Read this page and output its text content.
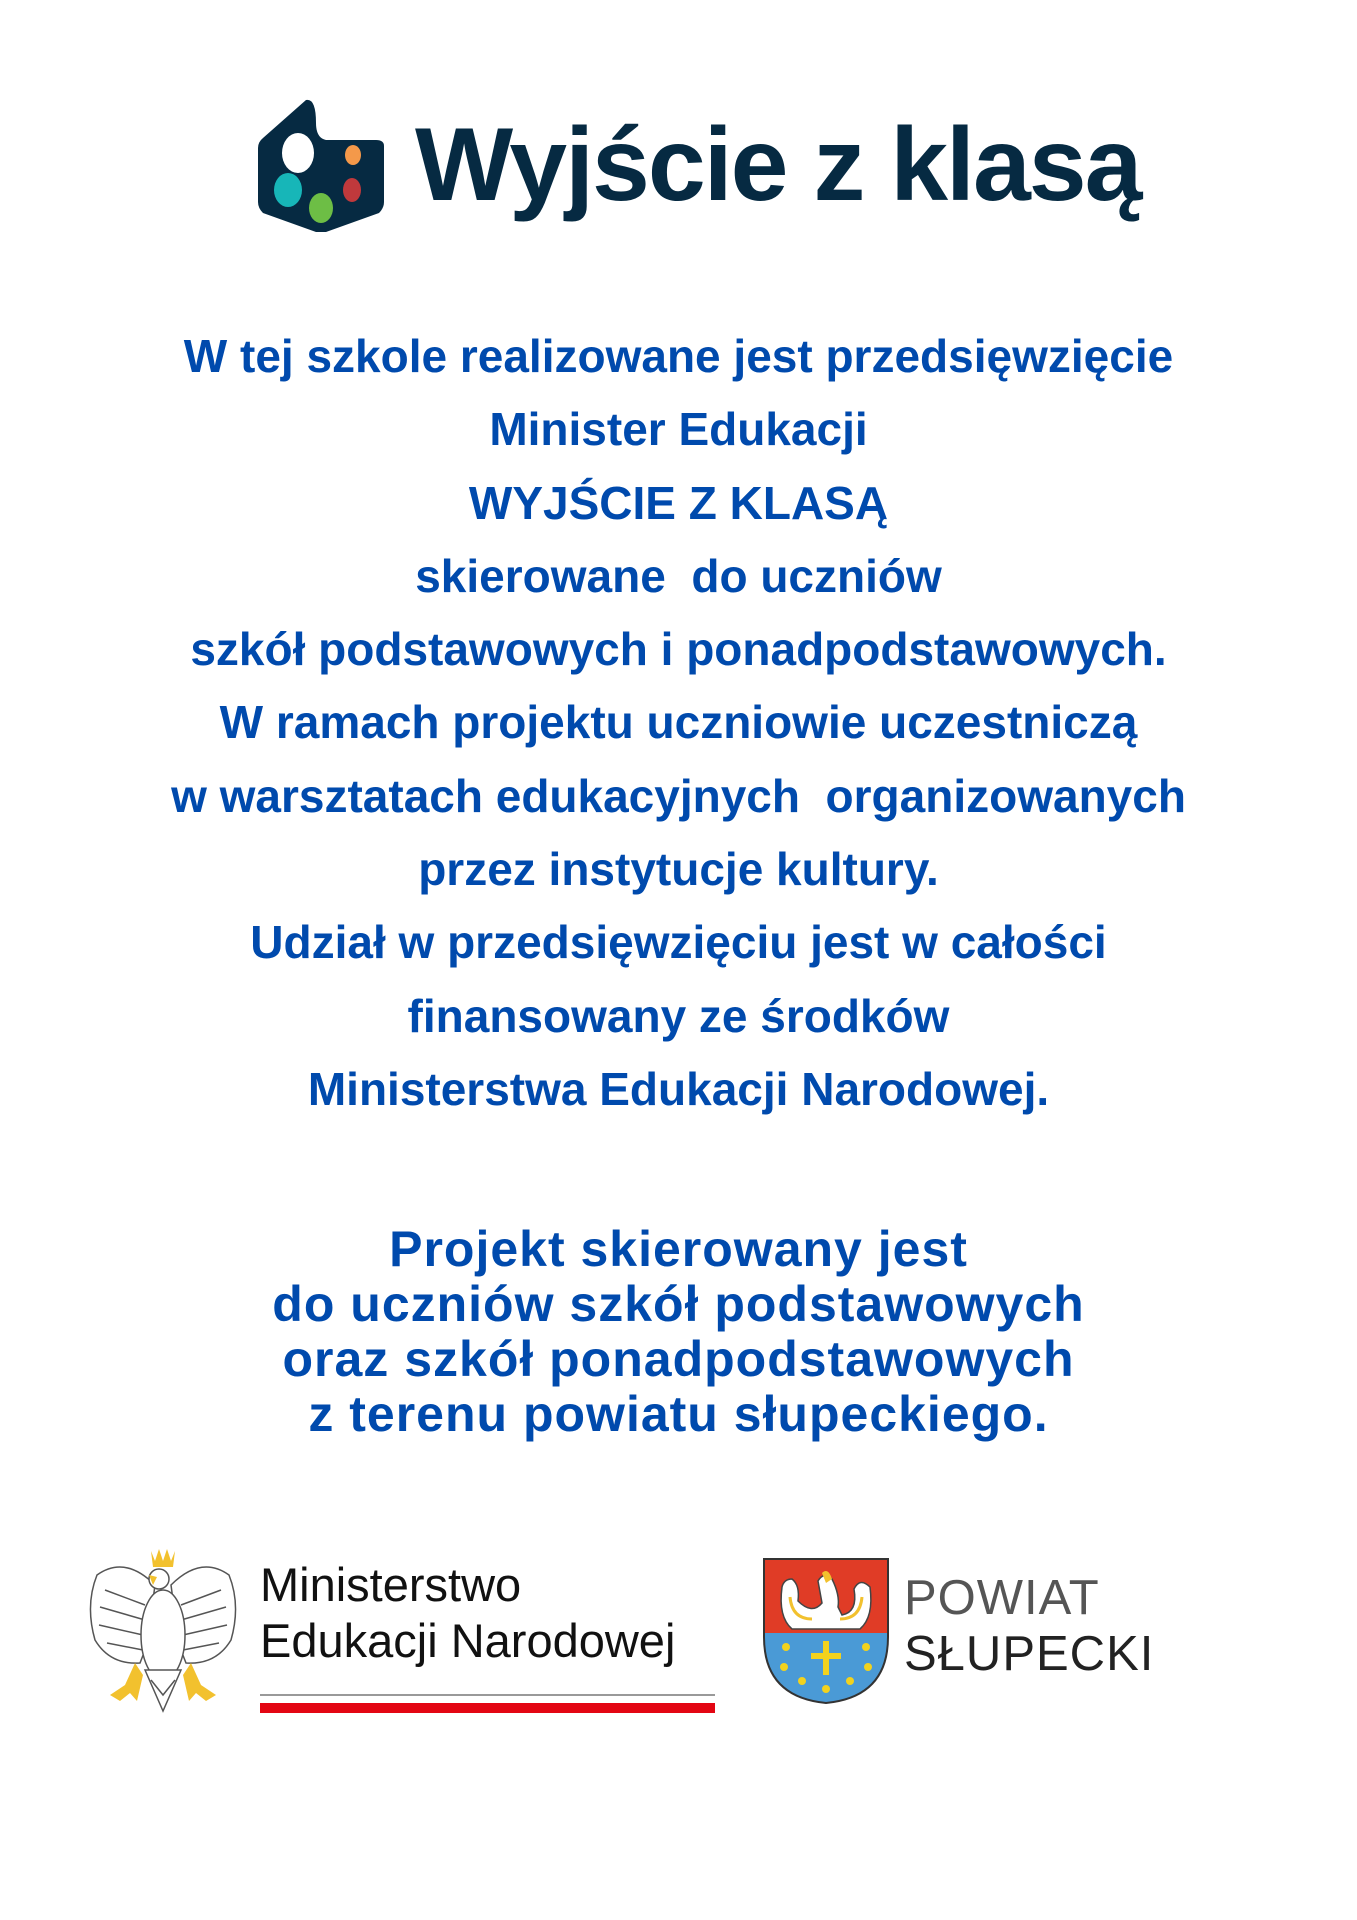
Wyjście z klasą
W tej szkole realizowane jest przedsięwzięcie
Minister Edukacji
WYJŚCIE Z KLASĄ
skierowane  do uczniów
szkół podstawowych i ponadpodstawowych.
W ramach projektu uczniowie uczestniczą
w warsztatach edukacyjnych  organizowanych
przez instytucje kultury.
Udział w przedsięwzięciu jest w całości
finansowany ze środków
Ministerstwa Edukacji Narodowej.
Projekt skierowany jest
do uczniów szkół podstawowych
oraz szkół ponadpodstawowych
z terenu powiatu słupeckiego.
Ministerstwo
Edukacji Narodowej
POWIAT
SŁUPECKI
